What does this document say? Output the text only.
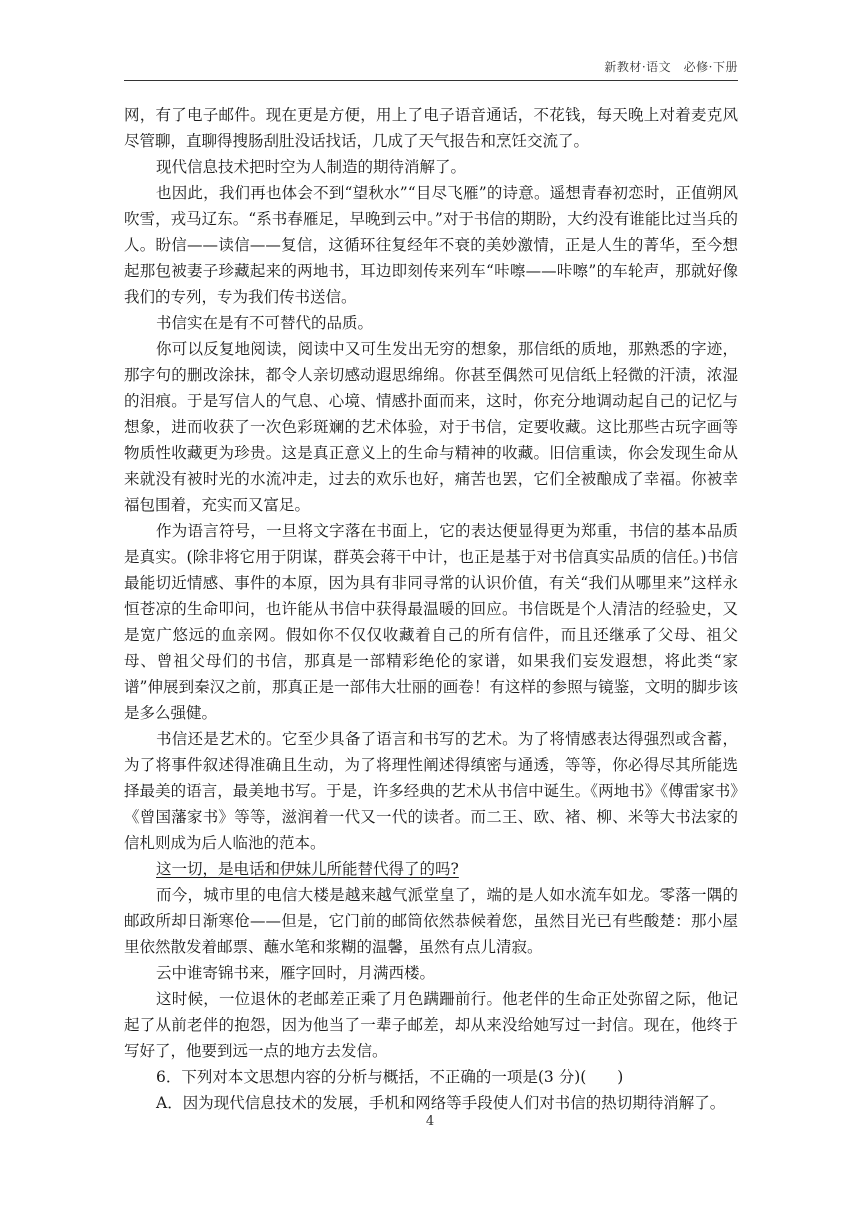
新教材·语文　必修·下册

网，有了电子邮件。现在更是方便，用上了电子语音通话，不花钱，每天晚上对着麦克风尽管聊，直聊得搜肠刮肚没话找话，几成了天气报告和烹饪交流了。

现代信息技术把时空为人制造的期待消解了。

也因此，我们再也体会不到“望秋水”“目尽飞雁”的诗意。遥想青春初恋时，正值朔风吹雪，戎马辽东。“系书春雁足，早晚到云中。”对于书信的期盼，大约没有谁能比过当兵的人。盼信——读信——复信，这循环往复经年不衰的美妙激情，正是人生的菁华，至今想起那包被妻子珍藏起来的两地书，耳边即刻传来列车“咔嚓——咔嚓”的车轮声，那就好像我们的专列，专为我们传书送信。

书信实在是有不可替代的品质。

你可以反复地阅读，阅读中又可生发出无穷的想象，那信纸的质地，那熟悉的字迹，那字句的删改涂抹，都令人亲切感动遐思绵绵。你甚至偶然可见信纸上轻微的汗渍，浓湿的泪痕。于是写信人的气息、心境、情感扑面而来，这时，你充分地调动起自己的记忆与想象，进而收获了一次色彩斑斓的艺术体验，对于书信，定要收藏。这比那些古玩字画等物质性收藏更为珍贵。这是真正意义上的生命与精神的收藏。旧信重读，你会发现生命从来就没有被时光的水流冲走，过去的欢乐也好，痛苦也罢，它们全被酿成了幸福。你被幸福包围着，充实而又富足。

作为语言符号，一旦将文字落在书面上，它的表达便显得更为郑重，书信的基本品质是真实。(除非将它用于阴谋，群英会蒋干中计，也正是基于对书信真实品质的信任。)书信最能切近情感、事件的本原，因为具有非同寻常的认识价值，有关“我们从哪里来”这样永恒苍凉的生命叩问，也许能从书信中获得最温暖的回应。书信既是个人清洁的经验史，又是宽广悠远的血亲网。假如你不仅仅收藏着自己的所有信件，而且还继承了父母、祖父母、曾祖父母们的书信，那真是一部精彩绝伦的家谱，如果我们妄发遐想，将此类“家谱”伸展到秦汉之前，那真正是一部伟大壮丽的画卷！有这样的参照与镜鉴，文明的脚步该是多么强健。

书信还是艺术的。它至少具备了语言和书写的艺术。为了将情感表达得强烈或含蓄，为了将事件叙述得准确且生动，为了将理性阐述得缜密与通透，等等，你必得尽其所能选择最美的语言，最美地书写。于是，许多经典的艺术从书信中诞生。《两地书》《傅雷家书》《曾国藩家书》等等，滋润着一代又一代的读者。而二王、欧、褚、柳、米等大书法家的信札则成为后人临池的范本。

这一切，是电话和伊妹儿所能替代得了的吗?

而今，城市里的电信大楼是越来越气派堂皇了，端的是人如水流车如龙。零落一隅的邮政所却日渐寒伧——但是，它门前的邮筒依然恭候着您，虽然目光已有些酸楚：那小屋里依然散发着邮票、蘸水笔和浆糊的温馨，虽然有点儿清寂。

云中谁寄锦书来，雁字回时，月满西楼。

这时候，一位退休的老邮差正乘了月色蹒跚前行。他老伴的生命正处弥留之际，他记起了从前老伴的抱怨，因为他当了一辈子邮差，却从来没给她写过一封信。现在，他终于写好了，他要到远一点的地方去发信。

6．下列对本文思想内容的分析与概括，不正确的一项是(3 分)(　　)

A．因为现代信息技术的发展，手机和网络等手段使人们对书信的热切期待消解了。

4
